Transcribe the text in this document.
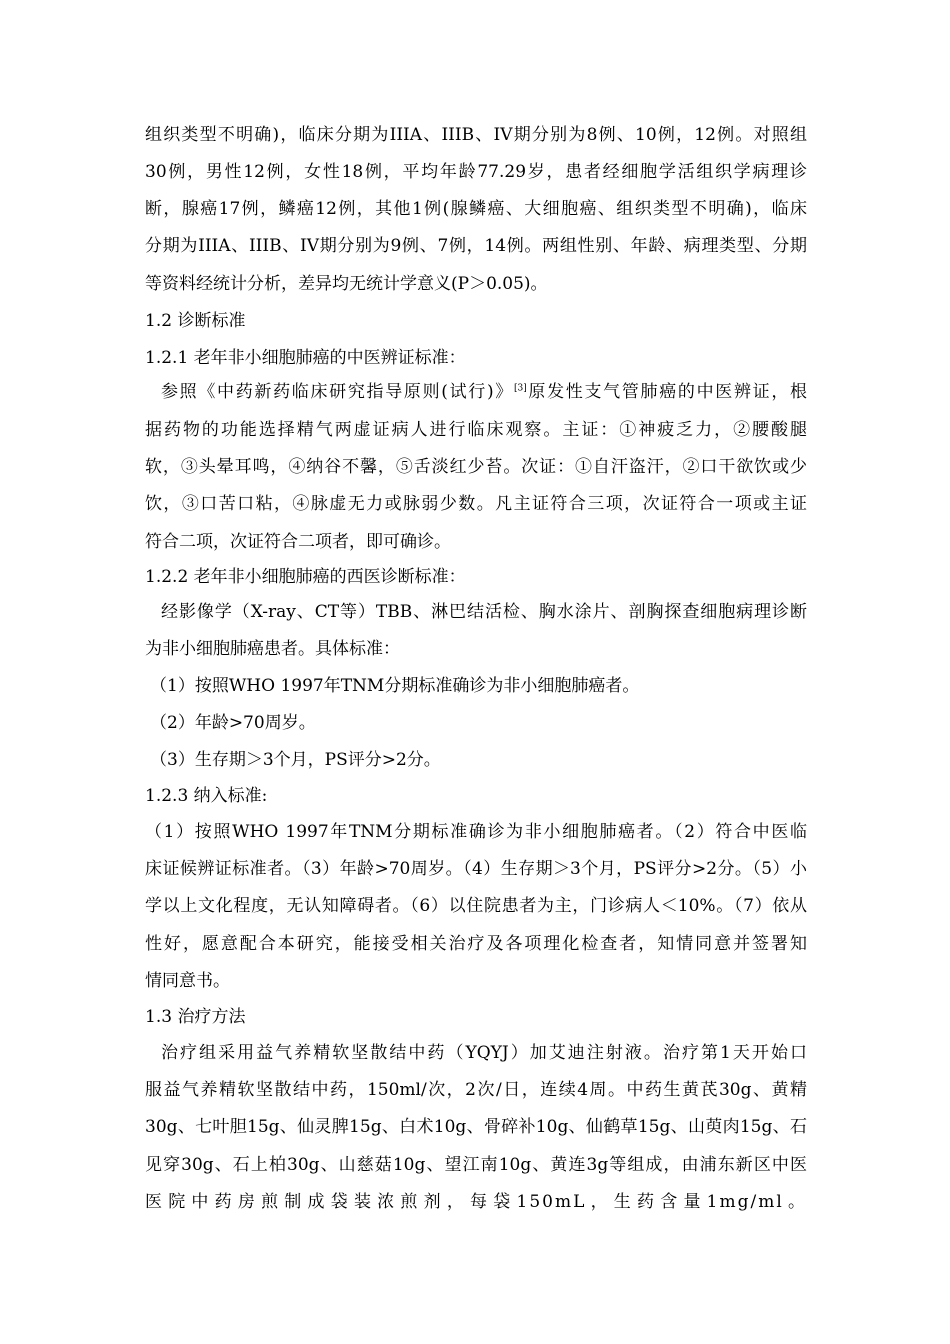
组织类型不明确)，临床分期为IIIA、IIIB、IV期分别为8例、10例，12例。对照组
30例，男性12例，女性18例，平均年龄77.29岁，患者经细胞学活组织学病理诊
断，腺癌17例，鳞癌12例，其他1例(腺鳞癌、大细胞癌、组织类型不明确)，临床
分期为IIIA、IIIB、IV期分别为9例、7例，14例。两组性别、年龄、病理类型、分期
等资料经统计分析，差异均无统计学意义(P＞0.05)。
1.2 诊断标准
1.2.1 老年非小细胞肺癌的中医辨证标准：
参照《中药新药临床研究指导原则(试行)》[3]原发性支气管肺癌的中医辨证，根
据药物的功能选择精气两虚证病人进行临床观察。主证：①神疲乏力，②腰酸腿
软，③头晕耳鸣，④纳谷不馨，⑤舌淡红少苔。次证：①自汗盗汗，②口干欲饮或少
饮，③口苦口粘，④脉虚无力或脉弱少数。凡主证符合三项，次证符合一项或主证
符合二项，次证符合二项者，即可确诊。
1.2.2 老年非小细胞肺癌的西医诊断标准：
经影像学（X-ray、CT等）TBB、淋巴结活检、胸水涂片、剖胸探查细胞病理诊断
为非小细胞肺癌患者。具体标准：
（1）按照WHO 1997年TNM分期标准确诊为非小细胞肺癌者。
（2）年龄>70周岁。
（3）生存期＞3个月，PS评分>2分。
1.2.3 纳入标准:
（1）按照WHO 1997年TNM分期标准确诊为非小细胞肺癌者。（2）符合中医临
床证候辨证标准者。（3）年龄>70周岁。（4）生存期＞3个月，PS评分>2分。（5）小
学以上文化程度，无认知障碍者。（6）以住院患者为主，门诊病人＜10%。（7）依从
性好，愿意配合本研究，能接受相关治疗及各项理化检查者，知情同意并签署知
情同意书。
1.3 治疗方法
治疗组采用益气养精软坚散结中药（YQYJ）加艾迪注射液。治疗第1天开始口
服益气养精软坚散结中药，150ml/次，2次/日，连续4周。中药生黄芪30g、黄精
30g、七叶胆15g、仙灵脾15g、白术10g、骨碎补10g、仙鹤草15g、山萸肉15g、石
见穿30g、石上柏30g、山慈菇10g、望江南10g、黄连3g等组成，由浦东新区中医
医院中药房煎制成袋装浓煎剂，每袋150mL，生药含量1mg/ml。
